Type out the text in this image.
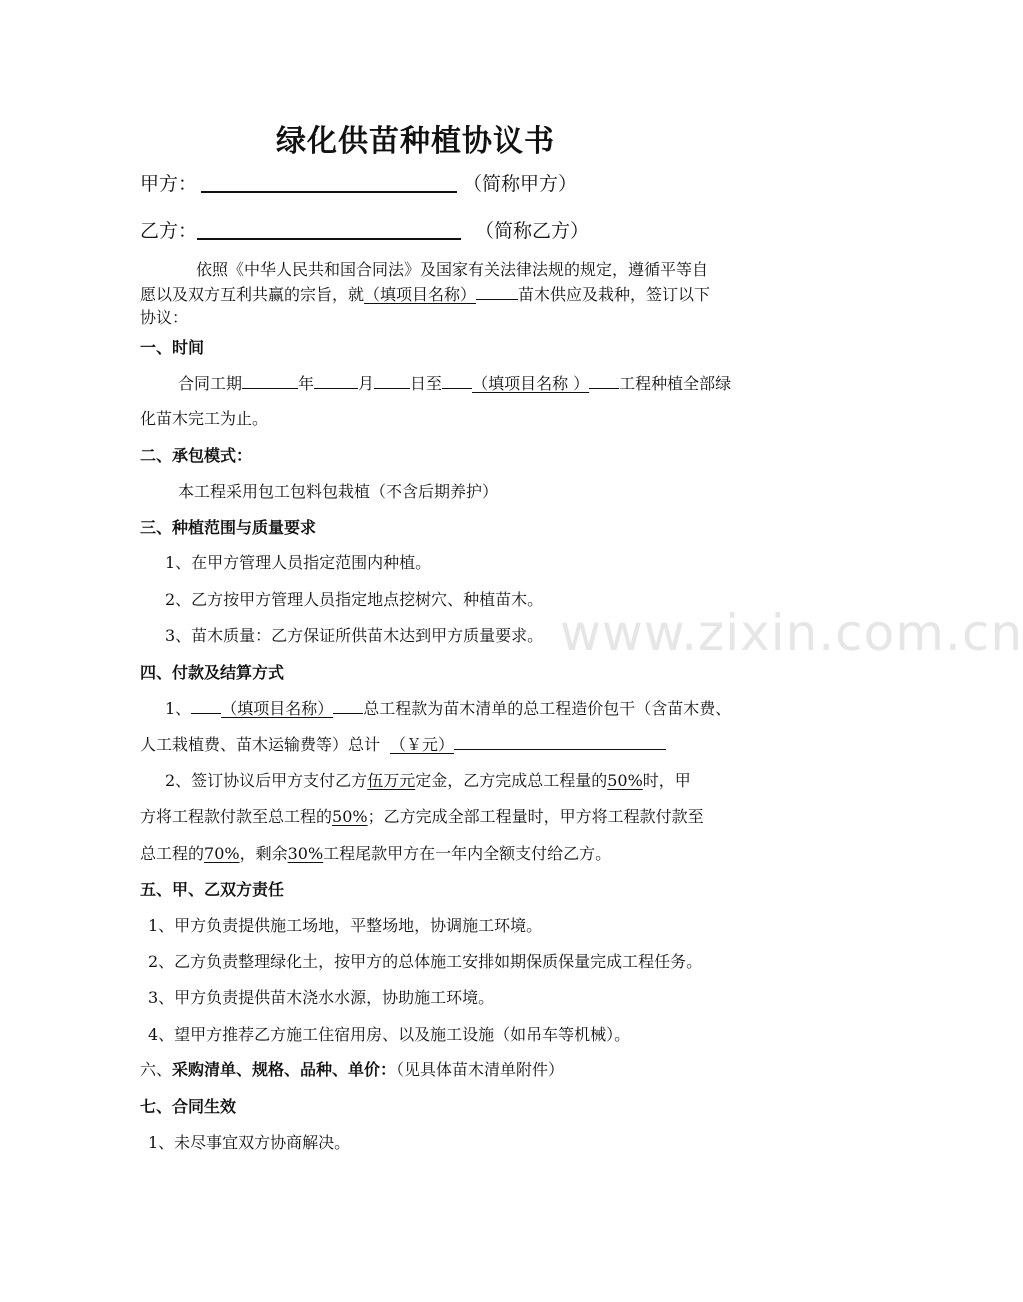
www.zixin.com.cn
绿化供苗种植协议书
甲方：	（简称甲方）
乙方：	（简称乙方）
依照《中华人民共和国合同法》及国家有关法律法规的规定，遵循平等自
愿以及双方互利共赢的宗旨，就（填项目名称）	苗木供应及栽种，签订以下
协议：
一、时间
合同工期	年	月 日至 （填项目名称 ） 工程种植全部绿
化苗木完工为止。
二、承包模式：
本工程采用包工包料包栽植（不含后期养护）
三、种植范围与质量要求
1、在甲方管理人员指定范围内种植。
2、乙方按甲方管理人员指定地点挖树穴、种植苗木。
3、苗木质量：乙方保证所供苗木达到甲方质量要求。
四、付款及结算方式
1、 （填项目名称） 总工程款为苗木清单的总工程造价包干（含苗木费、
人工栽植费、苗木运输费等）总计 （￥元）
2、签订协议后甲方支付乙方伍万元定金，乙方完成总工程量的50%时，甲
方将工程款付款至总工程的50%；乙方完成全部工程量时，甲方将工程款付款至
总工程的70%，剩余30%工程尾款甲方在一年内全额支付给乙方。
五、甲、乙双方责任
1、甲方负责提供施工场地，平整场地，协调施工环境。
2、乙方负责整理绿化土，按甲方的总体施工安排如期保质保量完成工程任务。
3、甲方负责提供苗木浇水水源，协助施工环境。
4、望甲方推荐乙方施工住宿用房、以及施工设施（如吊车等机械）。
六、采购清单、规格、品种、单价：（见具体苗木清单附件）
七、合同生效
1、未尽事宜双方协商解决。
